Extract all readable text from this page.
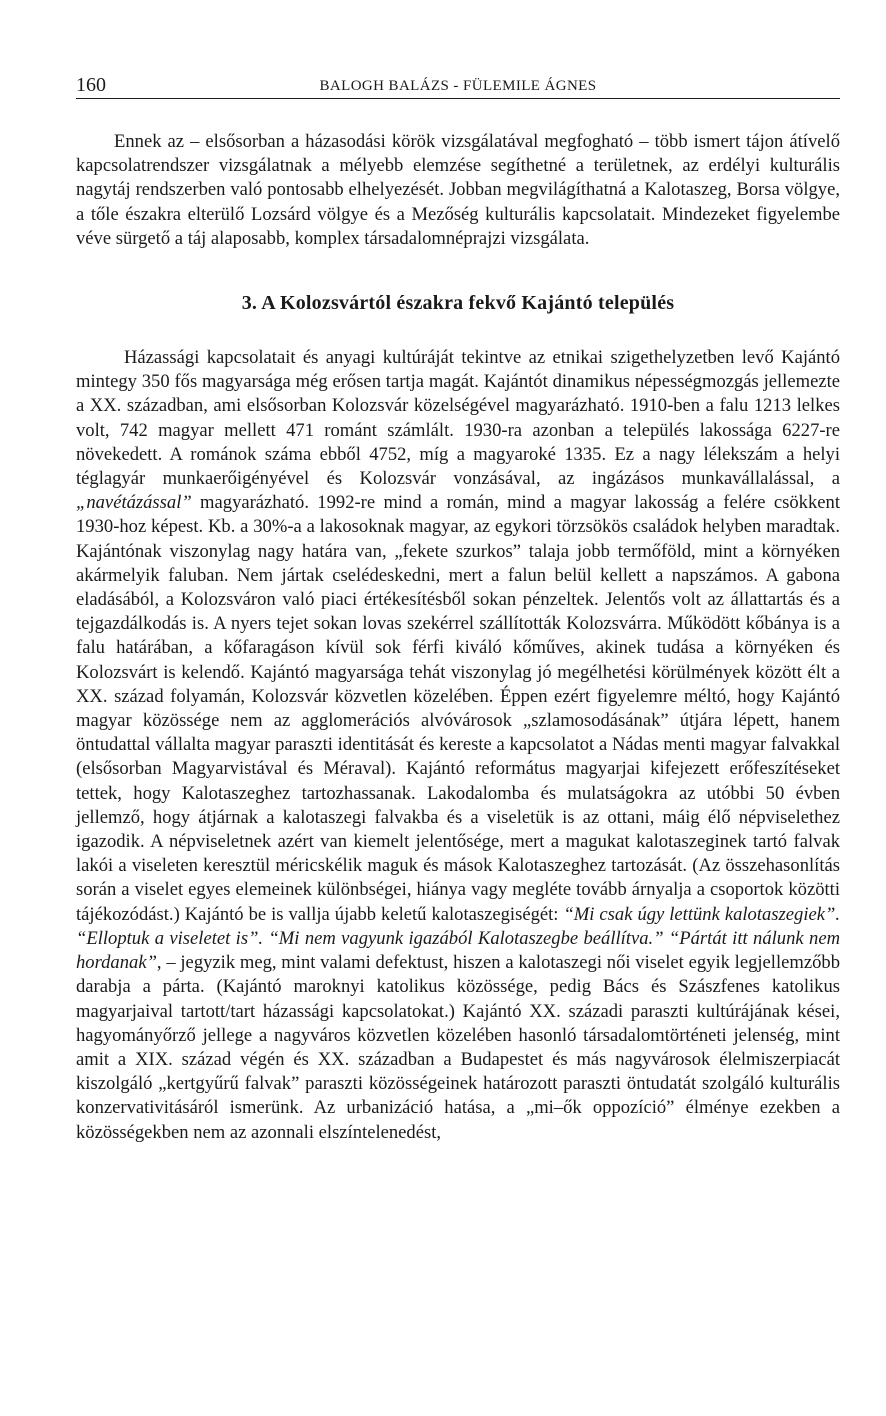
160	BALOGH BALÁZS - FÜLEMILE ÁGNES

Ennek az – elsősorban a házasodási körök vizsgálatával megfogható – több ismert tájon átívelő kapcsolatrendszer vizsgálatnak a mélyebb elemzése segíthetné a területnek, az erdélyi kulturális nagytáj rendszerben való pontosabb elhelyezését. Jobban megvilágíthatná a Kalotaszeg, Borsa völgye, a tőle északra elterülő Lozsárd völgye és a Mezőség kulturális kapcsolatait. Mindezeket figyelembe véve sürgető a táj alaposabb, komplex társadalomnéprajzi vizsgálata.

3. A Kolozsvártól északra fekvő Kajántó település

Házassági kapcsolatait és anyagi kultúráját tekintve az etnikai szigethelyzetben levő Kajántó mintegy 350 fős magyarsága még erősen tartja magát. Kajántót dinamikus népességmozgás jellemezte a XX. században, ami elsősorban Kolozsvár közelségével magyarázható. 1910-ben a falu 1213 lelkes volt, 742 magyar mellett 471 románt számlált. 1930-ra azonban a település lakossága 6227-re növekedett. A románok száma ebből 4752, míg a magyaroké 1335. Ez a nagy lélekszám a helyi téglagyár munkaerőigényével és Kolozsvár vonzásával, az ingázásos munkavállalással, a „navétázással” magyarázható. 1992-re mind a román, mind a magyar lakosság a felére csökkent 1930-hoz képest. Kb. a 30%-a a lakosoknak magyar, az egykori törzsökös családok helyben maradtak. Kajántónak viszonylag nagy határa van, „fekete szurkos” talaja jobb termőföld, mint a környéken akármelyik faluban. Nem jártak cselédeskedni, mert a falun belül kellett a napszámos. A gabona eladásából, a Kolozsváron való piaci értékesítésből sokan pénzeltek. Jelentős volt az állattartás és a tejgazdálkodás is. A nyers tejet sokan lovas szekérrel szállították Kolozsvárra. Működött kőbánya is a falu határában, a kőfaragáson kívül sok férfi kiváló kőműves, akinek tudása a környéken és Kolozsvárt is kelendő. Kajántó magyarsága tehát viszonylag jó megélhetési körülmények között élt a XX. század folyamán, Kolozsvár közvetlen közelében. Éppen ezért figyelemre méltó, hogy Kajántó magyar közössége nem az agglomerációs alvóvárosok „szlamosodásának” útjára lépett, hanem öntudattal vállalta magyar paraszti identitását és kereste a kapcsolatot a Nádas menti magyar falvakkal (elsősorban Magyarvistával és Méraval). Kajántó református magyarjai kifejezett erőfeszítéseket tettek, hogy Kalotaszeghez tartozhassanak. Lakodalomba és mulatságokra az utóbbi 50 évben jellemző, hogy átjárnak a kalotaszegi falvakba és a viseletük is az ottani, máig élő népviselethez igazodik. A népviseletnek azért van kiemelt jelentősége, mert a magukat kalotaszeginek tartó falvak lakói a viseleten keresztül méricskélik maguk és mások Kalotaszeghez tartozását. (Az összehasonlítás során a viselet egyes elemeinek különbségei, hiánya vagy megléte tovább árnyalja a csoportok közötti tájékozódást.) Kajántó be is vallja újabb keletű kalotaszegiségét: “Mi csak úgy lettünk kalotaszegiek”. “Elloptuk a viseletet is”. “Mi nem vagyunk igazából Kalotaszegbe beállítva.” “Pártát itt nálunk nem hordanak”, – jegyzik meg, mint valami defektust, hiszen a kalotaszegi női viselet egyik legjellemzőbb darabja a párta. (Kajántó maroknyi katolikus közössége, pedig Bács és Szászfenes katolikus magyarjaival tartott/tart házassági kapcsolatokat.) Kajántó XX. századi paraszti kultúrájának kései, hagyományőrző jellege a nagyváros közvetlen közelében hasonló társadalomtörténeti jelenség, mint amit a XIX. század végén és XX. században a Budapestet és más nagyvárosok élelmiszerpiacát kiszolgáló „kertgyűrű falvak” paraszti közösségeinek határozott paraszti öntudatát szolgáló kulturális konzervativitásáról ismerünk. Az urbanizáció hatása, a „mi–ők oppozíció” élménye ezekben a közösségekben nem az azonnali elszíntelenedést,
